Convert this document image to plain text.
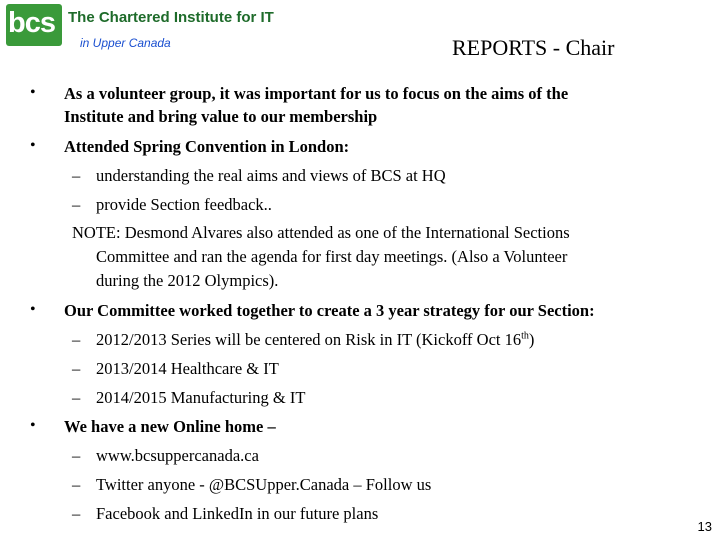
bcs The Chartered Institute for IT
in Upper Canada	REPORTS - Chair
• As a volunteer group, it was important for us to focus on the aims of the
Institute and bring value to our membership
• Attended Spring Convention in London:
– understanding the real aims and views of BCS at HQ
– provide Section feedback..
NOTE: Desmond Alvares also attended as one of the International Sections
Committee and ran the agenda for first day meetings. (Also a Volunteer
during the 2012 Olympics).
• Our Committee worked together to create a 3 year strategy for our Section:
– 2012/2013 Series will be centered on Risk in IT (Kickoff Oct 16th)
– 2013/2014 Healthcare & IT
– 2014/2015 Manufacturing & IT
• We have a new Online home –
– www.bcsuppercanada.ca
– Twitter anyone - @BCSUpper.Canada – Follow us
– Facebook and LinkedIn in our future plans
13
